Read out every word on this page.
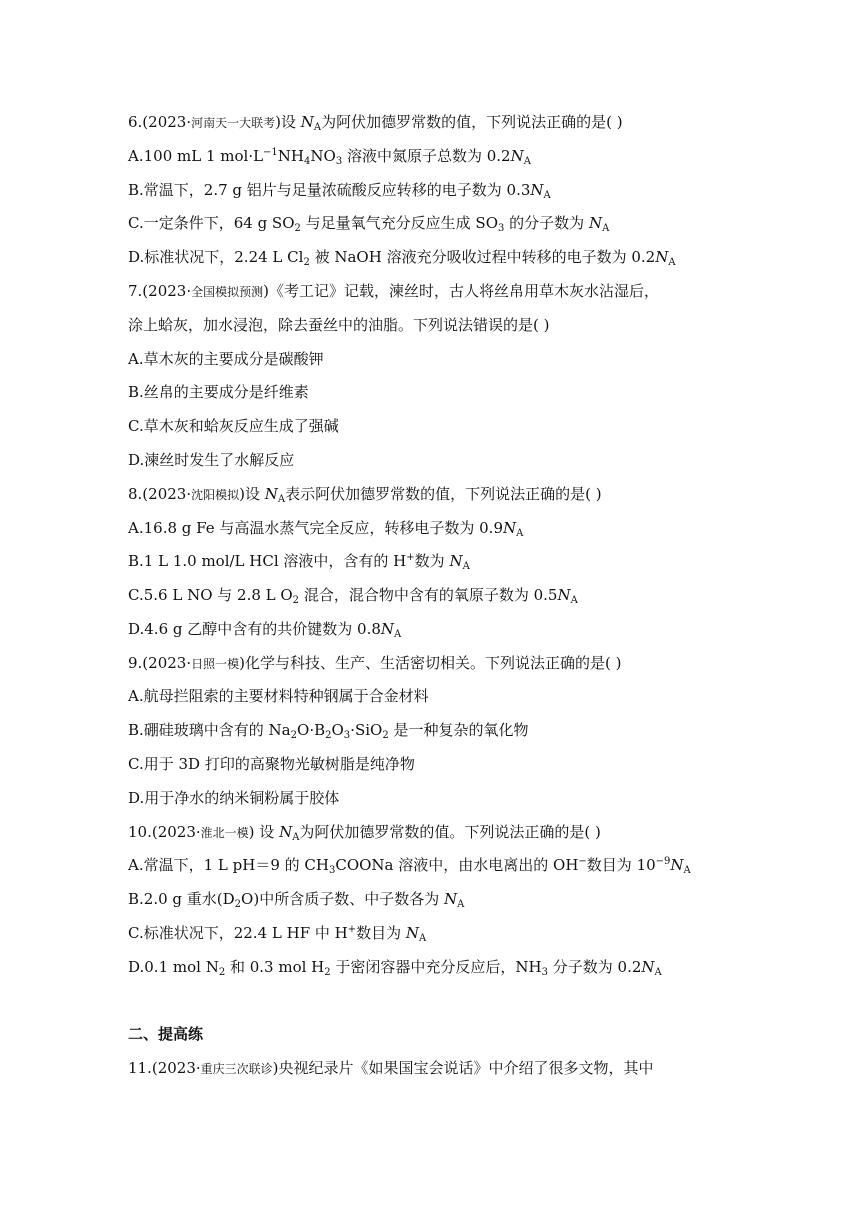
6.(2023·河南天一大联考)设 $N_A$为阿伏加德罗常数的值，下列说法正确的是( )
A.100 mL 1 $mol\cdot L^{-1}NH_4NO_3$ 溶液中氮原子总数为 $0.2N_A$
B.常温下，2.7 g 铝片与足量浓硫酸反应转移的电子数为 $0.3N_A$
C.一定条件下，64 g $SO_2$ 与足量氧气充分反应生成 $SO_3$ 的分子数为 $N_A$
D.标准状况下，2.24 L $Cl_2$ 被 NaOH 溶液充分吸收过程中转移的电子数为 $0.2N_A$
7.(2023·全国模拟预测)《考工记》记载，湅丝时，古人将丝帛用草木灰水沾湿后，
涂上蛤灰，加水浸泡，除去蚕丝中的油脂。下列说法错误的是( )
A.草木灰的主要成分是碳酸钾
B.丝帛的主要成分是纤维素
C.草木灰和蛤灰反应生成了强碱
D.湅丝时发生了水解反应
8.(2023·沈阳模拟)设 $N_A$表示阿伏加德罗常数的值，下列说法正确的是( )
A.16.8 g Fe 与高温水蒸气完全反应，转移电子数为 $0.9N_A$
B.1 L 1.0 mol/L HCl 溶液中，含有的 H+数为 $N_A$
C.5.6 L NO 与 2.8 L $O_2$ 混合，混合物中含有的氧原子数为 $0.5N_A$
D.4.6 g 乙醇中含有的共价键数为 $0.8N_A$
9.(2023·日照一模)化学与科技、生产、生活密切相关。下列说法正确的是( )
A.航母拦阻索的主要材料特种钢属于合金材料
B.硼硅玻璃中含有的 $Na_2O\cdot B_2O_3\cdot SiO_2$ 是一种复杂的氧化物
C.用于 3D 打印的高聚物光敏树脂是纯净物
D.用于净水的纳米铜粉属于胶体
10.(2023·淮北一模) 设 $N_A$为阿伏加德罗常数的值。下列说法正确的是( )
A.常温下，1 L pH＝9 的 $CH_3COONa$ 溶液中，由水电离出的 OH−数目为 $10^{-9}N_A$
B.2.0 g 重水$(D_2O)$中所含质子数、中子数各为 $N_A$
C.标准状况下，22.4 L HF 中 H+数目为 $N_A$
D.0.1 mol $N_2$ 和 0.3 mol $H_2$ 于密闭容器中充分反应后，$NH_3$ 分子数为 $0.2N_A$
二、提高练
11.(2023·重庆三次联诊)央视纪录片《如果国宝会说话》中介绍了很多文物，其中
